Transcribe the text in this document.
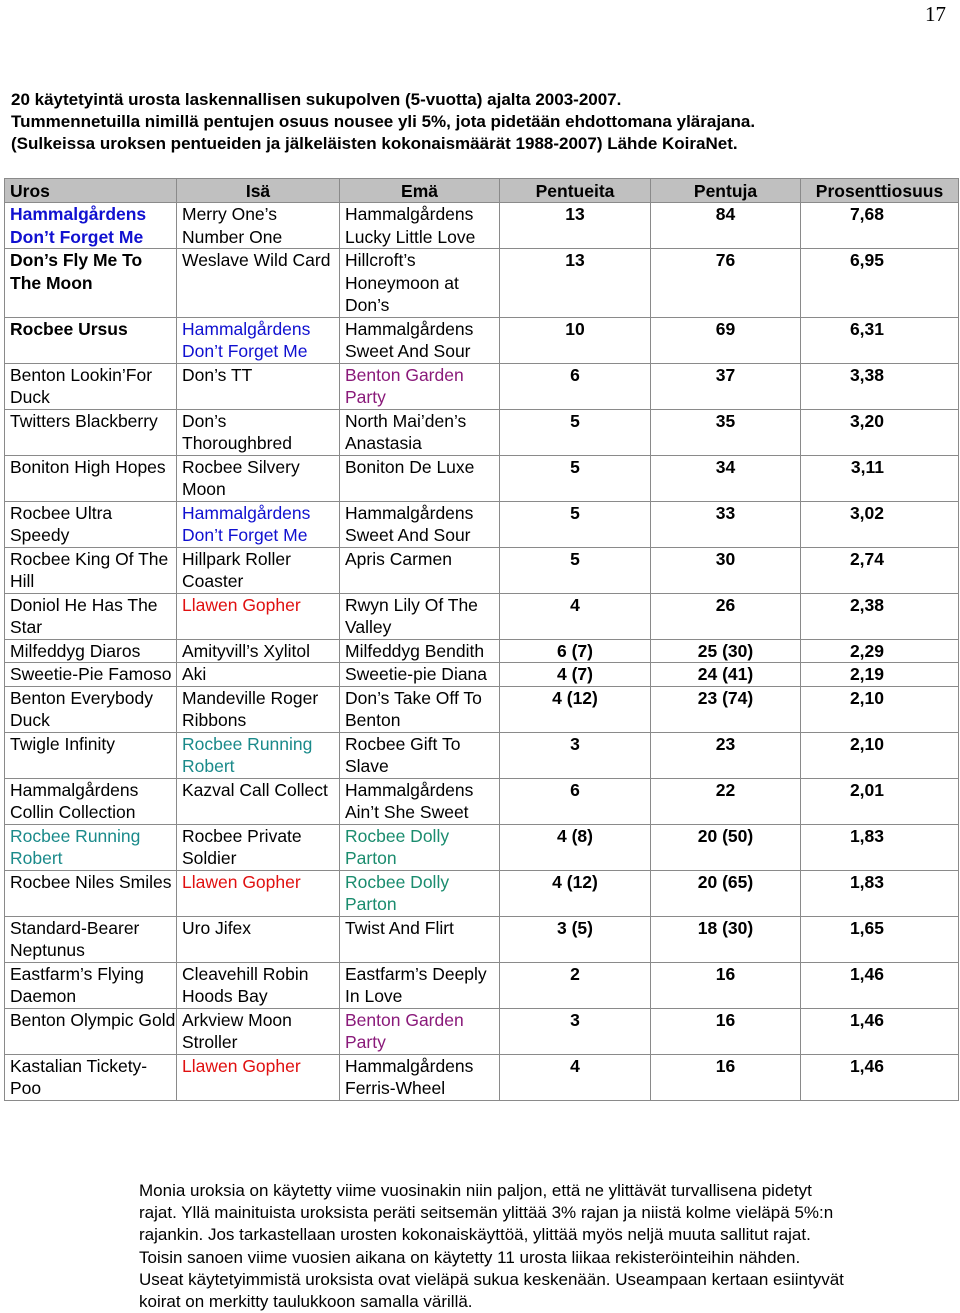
17
20 käytetyintä urosta laskennallisen sukupolven (5-vuotta) ajalta 2003-2007.
Tummennetuilla nimillä pentujen osuus nousee yli 5%, jota pidetään ehdottomana ylärajana.
(Sulkeissa uroksen pentueiden ja jälkeläisten kokonaismäärät 1988-2007) Lähde KoiraNet.
Uros	Isä	Emä	Pentueita	Pentuja	Prosenttiosuus
Hammalgårdens Don’t Forget Me	Merry One’s Number One	Hammalgårdens Lucky Little Love	13	84	7,68
Don’s Fly Me To The Moon	Weslave Wild Card	Hillcroft’s Honeymoon at Don’s	13	76	6,95
Rocbee Ursus	Hammalgårdens Don’t Forget Me	Hammalgårdens Sweet And Sour	10	69	6,31
Benton Lookin’For Duck	Don’s TT	Benton Garden Party	6	37	3,38
Twitters Blackberry	Don’s Thoroughbred	North Mai’den’s Anastasia	5	35	3,20
Boniton High Hopes	Rocbee Silvery Moon	Boniton De Luxe	5	34	3,11
Rocbee Ultra Speedy	Hammalgårdens Don’t Forget Me	Hammalgårdens Sweet And Sour	5	33	3,02
Rocbee King Of The Hill	Hillpark Roller Coaster	Apris Carmen	5	30	2,74
Doniol He Has The Star	Llawen Gopher	Rwyn Lily Of The Valley	4	26	2,38
Milfeddyg Diaros	Amityvill’s Xylitol	Milfeddyg Bendith	6 (7)	25 (30)	2,29
Sweetie-Pie Famoso	Aki	Sweetie-pie Diana	4 (7)	24 (41)	2,19
Benton Everybody Duck	Mandeville Roger Ribbons	Don’s Take Off To Benton	4 (12)	23 (74)	2,10
Twigle Infinity	Rocbee Running Robert	Rocbee Gift To Slave	3	23	2,10
Hammalgårdens Collin Collection	Kazval Call Collect	Hammalgårdens Ain’t She Sweet	6	22	2,01
Rocbee Running Robert	Rocbee Private Soldier	Rocbee Dolly Parton	4 (8)	20 (50)	1,83
Rocbee Niles Smiles	Llawen Gopher	Rocbee Dolly Parton	4 (12)	20 (65)	1,83
Standard-Bearer Neptunus	Uro Jifex	Twist And Flirt	3 (5)	18 (30)	1,65
Eastfarm’s Flying Daemon	Cleavehill Robin Hoods Bay	Eastfarm’s Deeply In Love	2	16	1,46
Benton Olympic Gold	Arkview Moon Stroller	Benton Garden Party	3	16	1,46
Kastalian Tickety-Poo	Llawen Gopher	Hammalgårdens Ferris-Wheel	4	16	1,46
Monia uroksia on käytetty viime vuosinakin niin paljon, että ne ylittävät turvallisena pidetyt
rajat. Yllä mainituista uroksista peräti seitsemän ylittää 3% rajan ja niistä kolme vieläpä 5%:n
rajankin. Jos tarkastellaan urosten kokonaiskäyttöä, ylittää myös neljä muuta sallitut rajat.
Toisin sanoen viime vuosien aikana on käytetty 11 urosta liikaa rekisteröinteihin nähden.
Useat käytetyimmistä uroksista ovat vieläpä sukua keskenään. Useampaan kertaan esiintyvät
koirat on merkitty taulukkoon samalla värillä.
